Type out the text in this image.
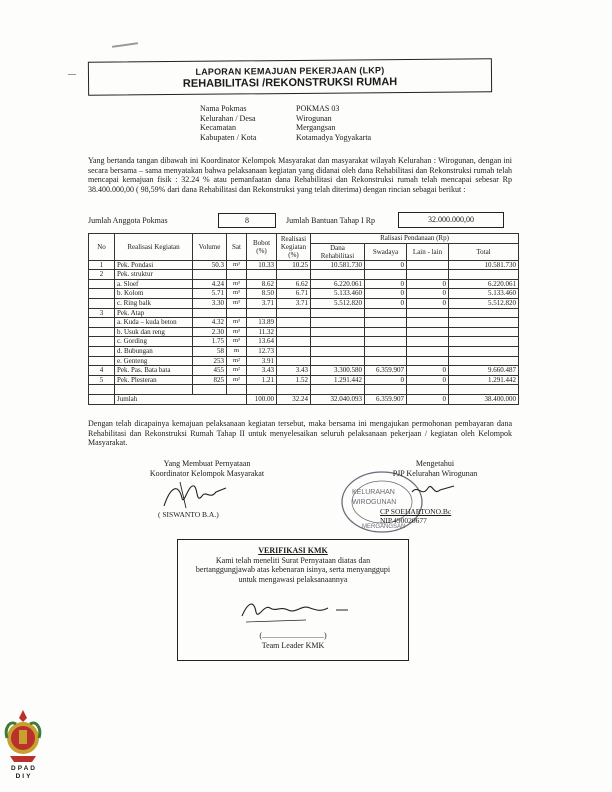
LAPORAN KEMAJUAN PEKERJAAN (LKP)
REHABILITASI /REKONSTRUKSI RUMAH
Nama Pokmas	POKMAS 03
Kelurahan / Desa	Wirogunan
Kecamatan	Mergangsan
Kabupaten / Kota	Kotamadya Yogyakarta
Yang bertanda tangan dibawah ini Koordinator Kelompok Masyarakat dan masyarakat wilayah Kelurahan : Wirogunan, dengan ini secara bersama – sama menyatakan bahwa pelaksanaan kegiatan yang didanai oleh dana Rehabilitasi dan Rekonstruksi rumah telah mencapai kemajuan fisik : 32.24 % atau pemanfaatan dana Rehabilitasi dan Rekonstruksi rumah telah mencapai sebesar Rp 38.400.000,00 ( 98,59% dari dana Rehabilitasi dan Rekonstruksi yang telah diterima) dengan rincian sebagai berikut :
Jumlah Anggota Pokmas	8	Jumlah Bantuan Tahap I Rp	32.000.000,00
No	Realisasi Kegiatan	Volume	Sat	Bobot (%)	Realisasi Kegiatan (%)	Ralisasi Pendanaan (Rp)			
						Dana Rehabilitasi	Swadaya	Lain - lain	Total
1	Pek. Pondasi	50.3	m³	10.33	10.25	10.581.730	0		10.581.730
2	Pek. struktur								
	a. Sloef	4.24	m³	8.62	6.62	6.220.061	0	0	6.220.061
	b. Kolom	5.71	m³	8.50	6.71	5.133.460	0	0	5.133.460
	c. Ring balk	3.30	m³	3.71	3.71	5.512.820	0	0	5.512.820
3	Pek. Atap								
	a. Kuda – kuda beton	4.32	m³	13.89					
	b. Usuk dan reng	2.30	m³	11.32					
	c. Gording	1.75	m³	13.64					
	d. Bubungan	58	m	12.73					
	e. Genteng	253	m²	3.91					
4	Pek. Pas. Bata bata	455	m²	3.43	3.43	3.300.580	6.359.907	0	9.660.487
5	Pek. Plesteran	825	m²	1.21	1.52	1.291.442	0	0	1.291.442

	Jumlah			100.00	32.24	32.040.093	6.359.907	0	38.400.000
Dengan telah dicapainya kemajuan pelaksanaan kegiatan tersebut, maka bersama ini mengajukan permohonan pembayaran dana Rehabilitasi dan Rekonstruksi Rumah Tahap II untuk menyelesaikan seluruh pelaksanaan pekerjaan / kegiatan oleh Kelompok Masyarakat.
Yang Membuat Pernyataan
Koordinator Kelompok Masyarakat
( SISWANTO B.A.)
KELURAHAN
WIROGUNAN
MERGANGSAN
Mengetahui
PJP Kelurahan Wirogunan
CP SOEHARTONO.Bc
NIP.490020677
VERIFIKASI KMK
Kami telah meneliti Surat Pernyataan diatas dan
bertanggungjawab atas kebenaran isinya, serta menyanggupi
untuk mengawasi pelaksanaannya
(...............................)
Team Leader KMK
DPAD
DIY
